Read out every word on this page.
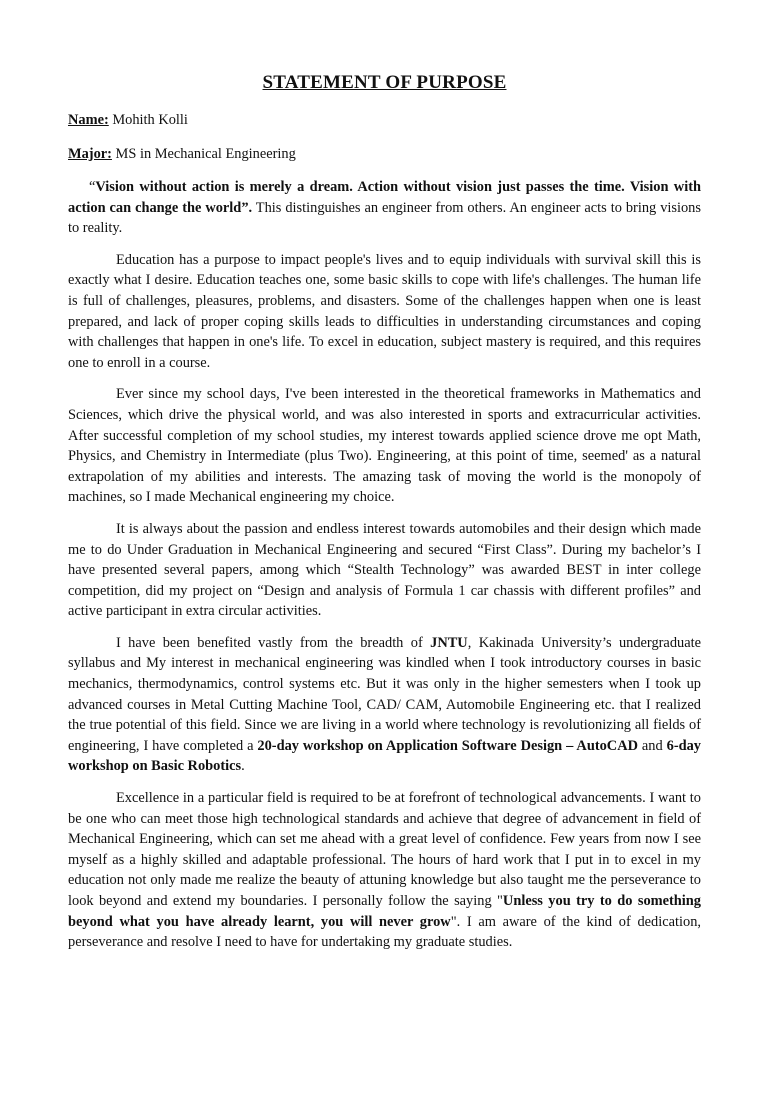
STATEMENT OF PURPOSE
Name: Mohith Kolli
Major: MS in Mechanical Engineering

“Vision without action is merely a dream. Action without vision just passes the time. Vision with action can change the world”. This distinguishes an engineer from others. An engineer acts to bring visions to reality.

Education has a purpose to impact people's lives and to equip individuals with survival skill this is exactly what I desire. Education teaches one, some basic skills to cope with life's challenges. The human life is full of challenges, pleasures, problems, and disasters. Some of the challenges happen when one is least prepared, and lack of proper coping skills leads to difficulties in understanding circumstances and coping with challenges that happen in one's life. To excel in education, subject mastery is required, and this requires one to enroll in a course.

Ever since my school days, I've been interested in the theoretical frameworks in Mathematics and Sciences, which drive the physical world, and was also interested in sports and extracurricular activities. After successful completion of my school studies, my interest towards applied science drove me opt Math, Physics, and Chemistry in Intermediate (plus Two). Engineering, at this point of time, seemed' as a natural extrapolation of my abilities and interests. The amazing task of moving the world is the monopoly of machines, so I made Mechanical engineering my choice.

It is always about the passion and endless interest towards automobiles and their design which made me to do Under Graduation in Mechanical Engineering and secured “First Class”. During my bachelor’s I have presented several papers, among which “Stealth Technology” was awarded BEST in inter college competition, did my project on “Design and analysis of Formula 1 car chassis with different profiles” and active participant in extra circular activities.

I have been benefited vastly from the breadth of JNTU, Kakinada University’s undergraduate syllabus and My interest in mechanical engineering was kindled when I took introductory courses in basic mechanics, thermodynamics, control systems etc. But it was only in the higher semesters when I took up advanced courses in Metal Cutting Machine Tool, CAD/ CAM, Automobile Engineering etc. that I realized the true potential of this field. Since we are living in a world where technology is revolutionizing all fields of engineering, I have completed a 20-day workshop on Application Software Design – AutoCAD and 6-day workshop on Basic Robotics.

Excellence in a particular field is required to be at forefront of technological advancements. I want to be one who can meet those high technological standards and achieve that degree of advancement in field of Mechanical Engineering, which can set me ahead with a great level of confidence. Few years from now I see myself as a highly skilled and adaptable professional. The hours of hard work that I put in to excel in my education not only made me realize the beauty of attuning knowledge but also taught me the perseverance to look beyond and extend my boundaries. I personally follow the saying "Unless you try to do something beyond what you have already learnt, you will never grow". I am aware of the kind of dedication, perseverance and resolve I need to have for undertaking my graduate studies.
